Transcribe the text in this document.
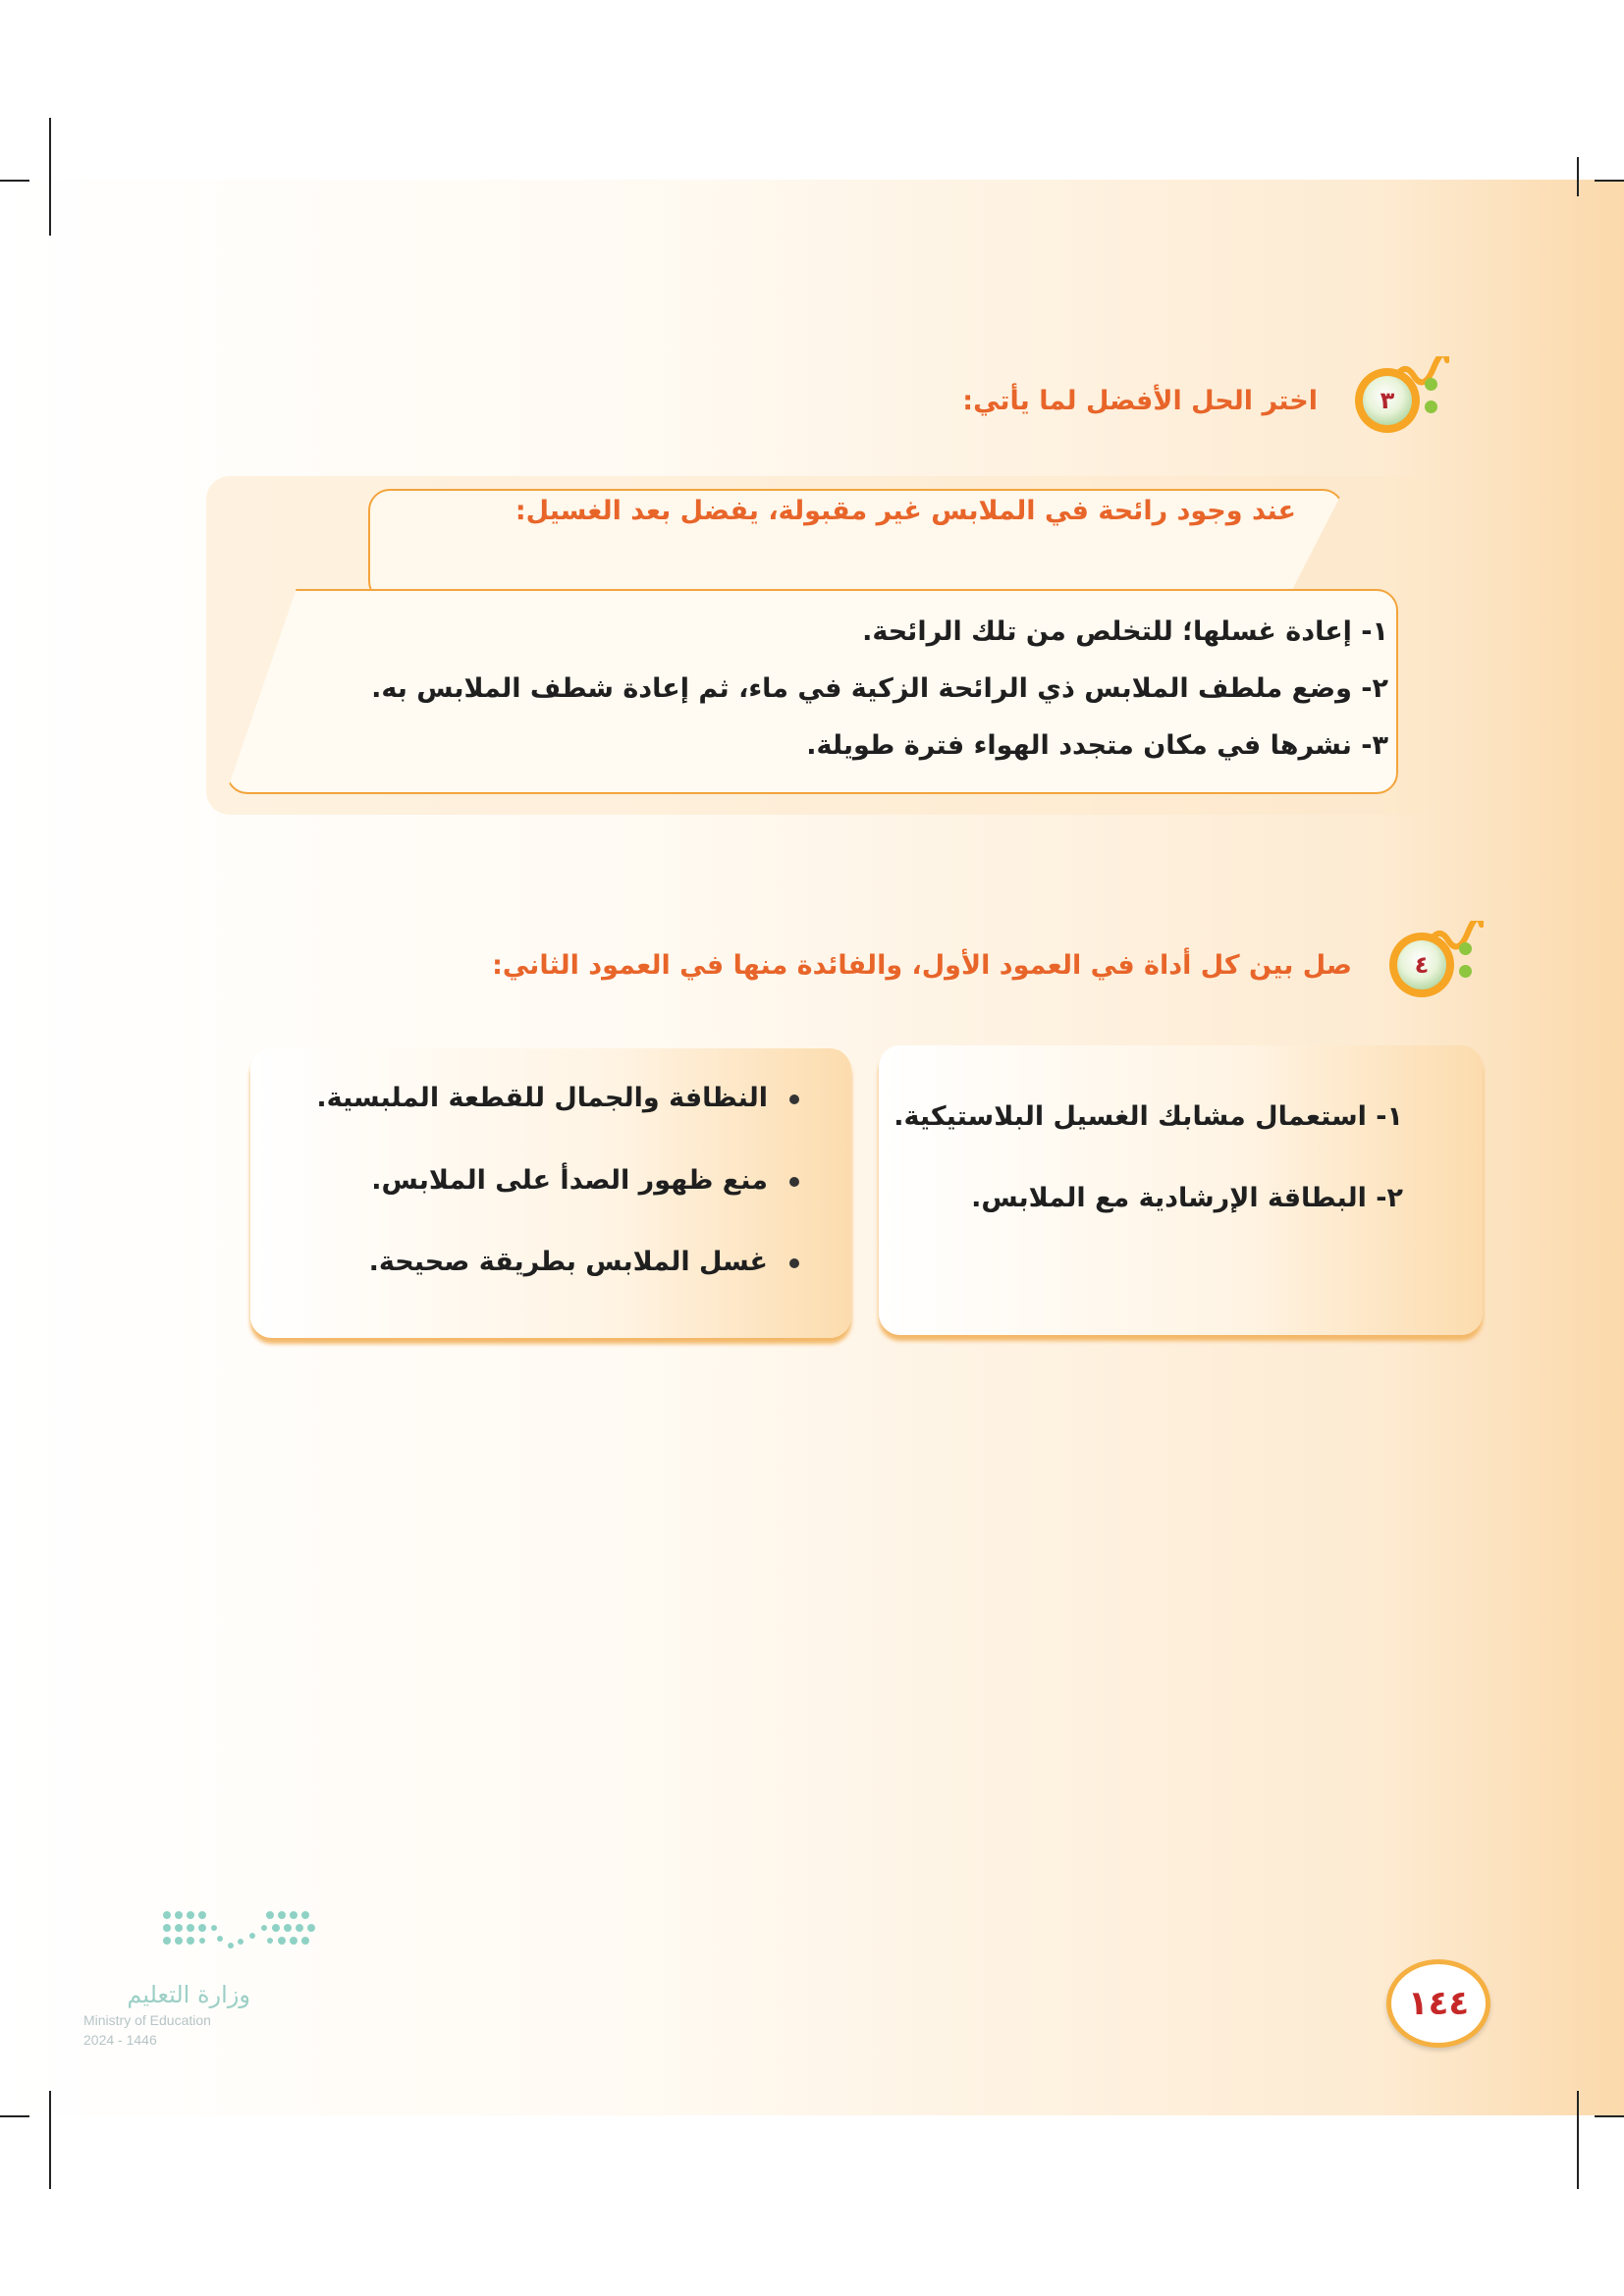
٣
اختر الحل الأفضل لما يأتي:
عند وجود رائحة في الملابس غير مقبولة، يفضل بعد الغسيل:
١- إعادة غسلها؛ للتخلص من تلك الرائحة.
٢- وضع ملطف الملابس ذي الرائحة الزكية في ماء، ثم إعادة شطف الملابس به.
٣- نشرها في مكان متجدد الهواء فترة طويلة.
٤
صل بين كل أداة في العمود الأول، والفائدة منها في العمود الثاني:
١- استعمال مشابك الغسيل البلاستيكية.
٢- البطاقة الإرشادية مع الملابس.
النظافة والجمال للقطعة الملبسية.
منع ظهور الصدأ على الملابس.
غسل الملابس بطريقة صحيحة.
وزارة التعليم
Ministry of Education
2024 - 1446
١٤٤
